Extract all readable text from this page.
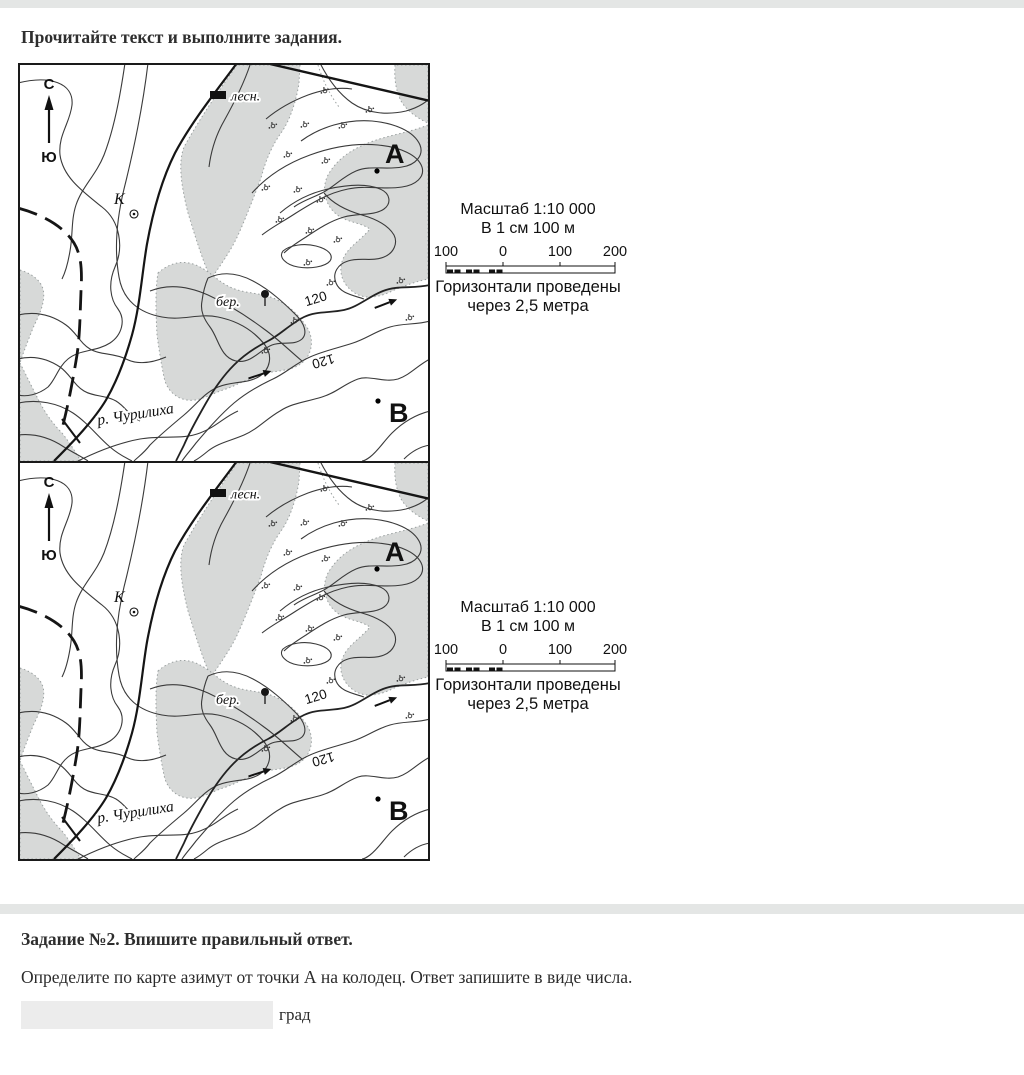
Прочитайте текст и выполните задания.
Масштаб 1:10 000
В 1 см 100 м
100	0	100 200
Горизонтали проведены
через 2,5 метра
Масштаб 1:10 000
В 1 см 100 м
100	0	100 200
Горизонтали проведены
через 2,5 метра
Задание №2. Впишите правильный ответ.

Определите по карте азимут от точки А на колодец. Ответ запишите в виде числа.

град
